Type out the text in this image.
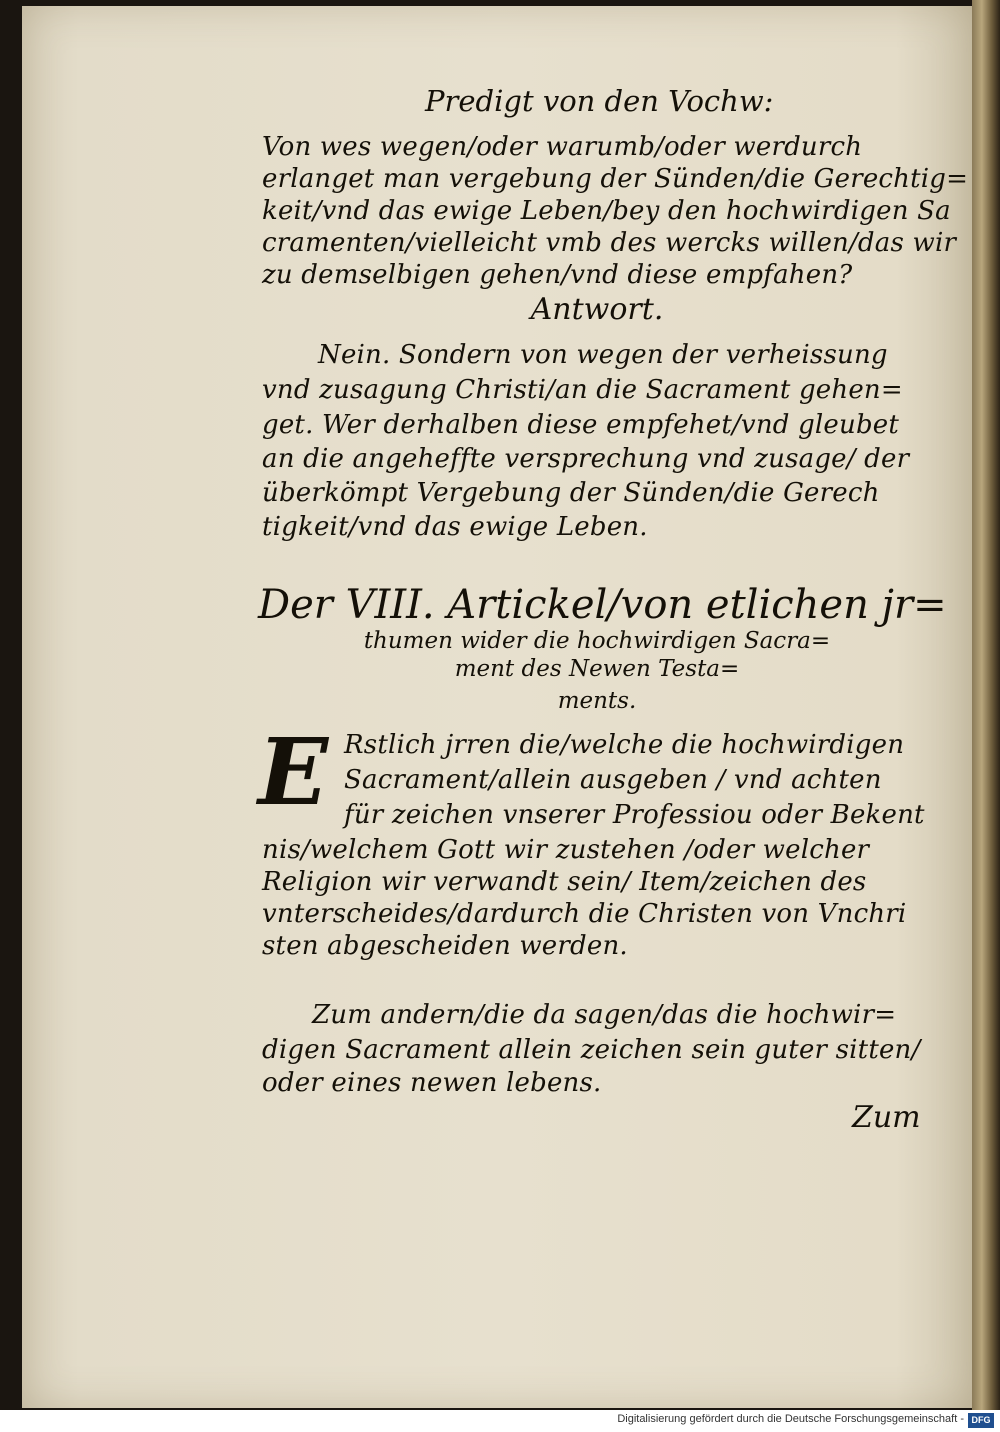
Predigt von den Vochw:
Von wes wegen/oder warumb/oder werdurch
erlanget man vergebung der Sünden/die Gerechtig=
keit/vnd das ewige Leben/bey den hochwirdigen Sa
cramenten/vielleicht vmb des wercks willen/das wir
zu demselbigen gehen/vnd diese empfahen?
Antwort.
Nein. Sondern von wegen der verheissung
vnd zusagung Christi/an die Sacrament gehen=
get. Wer derhalben diese empfehet/vnd gleubet
an die angeheffte versprechung vnd zusage/ der
überkömpt Vergebung der Sünden/die Gerech
tigkeit/vnd das ewige Leben.
Der VIII. Artickel/von etlichen jr=
thumen wider die hochwirdigen Sacra=
ment des Newen Testa=
ments.
E Rstlich jrren die/welche die hochwirdigen
Sacrament/allein ausgeben / vnd achten
für zeichen vnserer Professiou oder Bekent
nis/welchem Gott wir zustehen /oder welcher
Religion wir verwandt sein/ Item/zeichen des
vnterscheides/dardurch die Christen von Vnchri
sten abgescheiden werden.
Zum andern/die da sagen/das die hochwir=
digen Sacrament allein zeichen sein guter sitten/
oder eines newen lebens.
Zum
Digitalisierung gefördert durch die Deutsche Forschungsgemeinschaft - DFG
